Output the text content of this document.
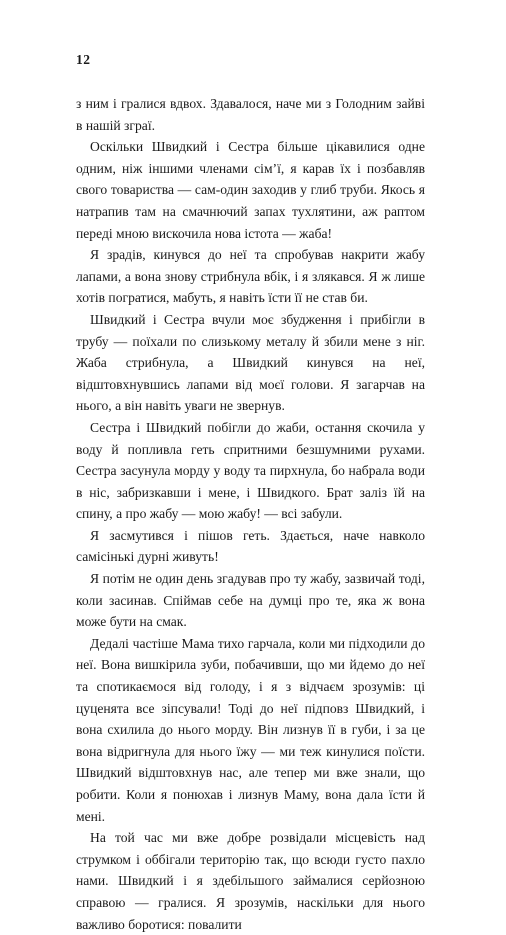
12

з ним і гралися вдвох. Здавалося, наче ми з Голодним зайві в нашій зграї.

Оскільки Швидкий і Сестра більше цікавилися одне одним, ніж іншими членами сім’ї, я карав їх і позбавляв свого товариства — сам-один заходив у глиб труби. Якось я натрапив там на смачнючий запах тухлятини, аж раптом переді мною вискочила нова істота — жаба!

Я зрадів, кинувся до неї та спробував накрити жабу лапами, а вона знову стрибнула вбік, і я злякався. Я ж лише хотів погратися, мабуть, я навіть їсти її не став би.

Швидкий і Сестра вчули моє збудження і прибігли в трубу — поїхали по слизькому металу й збили мене з ніг. Жаба стрибнула, а Швидкий кинувся на неї, відштовхнувшись лапами від моєї голови. Я загарчав на нього, а він навіть уваги не звернув.

Сестра і Швидкий побігли до жаби, остання скочила у воду й попливла геть спритними безшумними рухами. Сестра засунула морду у воду та пирхнула, бо набрала води в ніс, забризкавши і мене, і Швидкого. Брат заліз їй на спину, а про жабу — мою жабу! — всі забули.

Я засмутився і пішов геть. Здається, наче навколо самісінькі дурні живуть!

Я потім не один день згадував про ту жабу, зазвичай тоді, коли засинав. Спіймав себе на думці про те, яка ж вона може бути на смак.

Дедалі частіше Мама тихо гарчала, коли ми підходили до неї. Вона вишкірила зуби, побачивши, що ми йдемо до неї та спотикаємося від голоду, і я з відчаєм зрозумів: ці цуценята все зіпсували! Тоді до неї підповз Швидкий, і вона схилила до нього морду. Він лизнув її в губи, і за це вона відригнула для нього їжу — ми теж кинулися поїсти. Швидкий відштовхнув нас, але тепер ми вже знали, що робити. Коли я понюхав і лизнув Маму, вона дала їсти й мені.

На той час ми вже добре розвідали місцевість над струмком і оббігали територію так, що всюди густо пахло нами. Швидкий і я здебільшого займалися серйозною справою — гралися. Я зрозумів, наскільки для нього важливо боротися: повалити
